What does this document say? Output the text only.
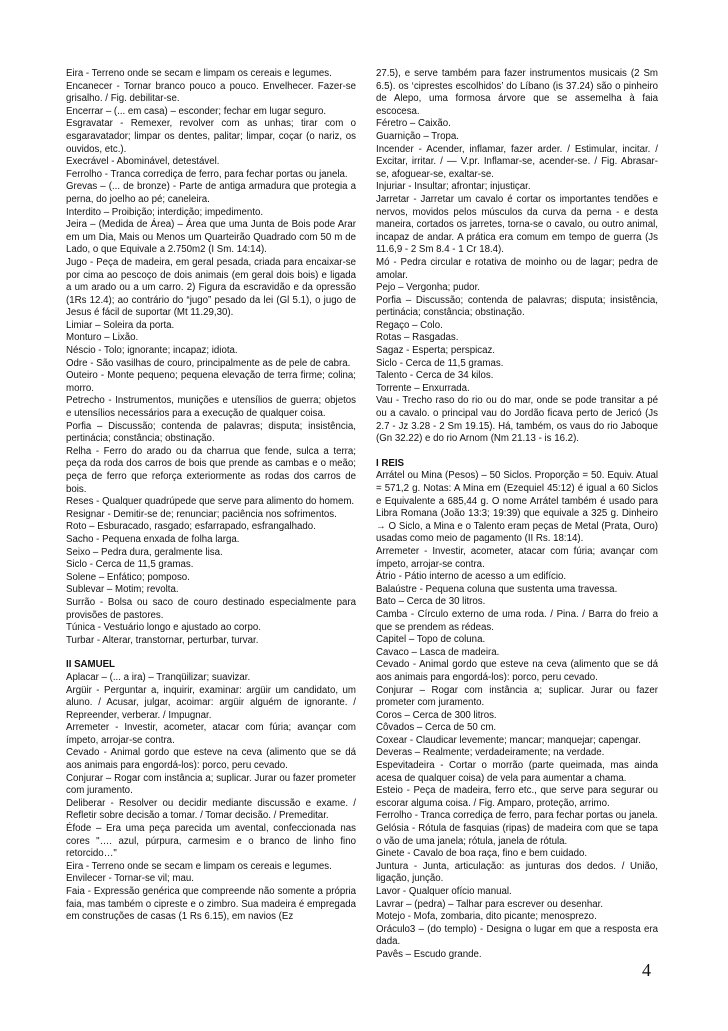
Eira - Terreno onde se secam e limpam os cereais e legumes.

Encanecer - Tornar branco pouco a pouco. Envelhecer. Fazer-se grisalho. / Fig. debilitar-se.

Encerrar – (... em casa) – esconder; fechar em lugar seguro.

Esgravatar - Remexer, revolver com as unhas; tirar com o esgaravatador; limpar os dentes, palitar; limpar, coçar (o nariz, os ouvidos, etc.).

Execrável - Abominável, detestável.

Ferrolho - Tranca corrediça de ferro, para fechar portas ou janela.

Grevas – (... de bronze) - Parte de antiga armadura que protegia a perna, do joelho ao pé; caneleira.

Interdito – Proibição; interdição; impedimento.

Jeira – (Medida de Área) – Área que uma Junta de Bois pode Arar em um Dia, Mais ou Menos um Quarteirão Quadrado com 50 m de Lado, o que Equivale a 2.750m2 (I Sm. 14:14).

Jugo - Peça de madeira, em geral pesada, criada para encaixar-se por cima ao pescoço de dois animais (em geral dois bois) e ligada a um arado ou a um carro. 2) Figura da escravidão e da opressão (1Rs 12.4); ao contrário do “jugo” pesado da lei (Gl 5.1), o jugo de Jesus é fácil de suportar (Mt 11.29,30).

Limiar – Soleira da porta.

Monturo – Lixão.

Néscio - Tolo; ignorante; incapaz; idiota.

Odre - São vasilhas de couro, principalmente as de pele de cabra.

Outeiro - Monte pequeno; pequena elevação de terra firme; colina; morro.

Petrecho - Instrumentos, munições e utensílios de guerra; objetos e utensílios necessários para a execução de qualquer coisa.

Porfia – Discussão; contenda de palavras; disputa; insistência, pertinácia; constância; obstinação.

Relha - Ferro do arado ou da charrua que fende, sulca a terra; peça da roda dos carros de bois que prende as cambas e o meão; peça de ferro que reforça exteriormente as rodas dos carros de bois.

Reses - Qualquer quadrúpede que serve para alimento do homem.

Resignar - Demitir-se de; renunciar; paciência nos sofrimentos.

Roto – Esburacado, rasgado; esfarrapado, esfrangalhado.

Sacho - Pequena enxada de folha larga.

Seixo – Pedra dura, geralmente lisa.

Siclo - Cerca de 11,5 gramas.

Solene – Enfático; pomposo.

Sublevar – Motim; revolta.

Surrão - Bolsa ou saco de couro destinado especialmente para provisões de pastores.

Túnica - Vestuário longo e ajustado ao corpo.

Turbar - Alterar, transtornar, perturbar, turvar.

II SAMUEL

Aplacar – (... a ira) – Tranqüilizar; suavizar.

Argüir - Perguntar a, inquirir, examinar: argüir um candidato, um aluno. / Acusar, julgar, acoimar: argüir alguém de ignorante. / Repreender, verberar. / Impugnar.

Arremeter - Investir, acometer, atacar com fúria; avançar com ímpeto, arrojar-se contra.

Cevado - Animal gordo que esteve na ceva (alimento que se dá aos animais para engordá-los): porco, peru cevado.

Conjurar – Rogar com instância a; suplicar. Jurar ou fazer prometer com juramento.

Deliberar - Resolver ou decidir mediante discussão e exame. / Refletir sobre decisão a tomar. / Tomar decisão. / Premeditar.

Éfode – Era uma peça parecida um avental, confeccionada nas cores "…. azul, púrpura, carmesim e o branco de linho fino retorcido…"

Eira - Terreno onde se secam e limpam os cereais e legumes.

Envilecer - Tornar-se vil; mau.

Faia - Expressão genérica que compreende não somente a própria faia, mas também o cipreste e o zimbro. Sua madeira é empregada em construções de casas (1 Rs 6.15), em navios (Ez

27.5), e serve também para fazer instrumentos musicais (2 Sm 6.5). os ‘ciprestes escolhidos’ do Líbano (is 37.24) são o pinheiro de Alepo, uma formosa árvore que se assemelha à faia escocesa.

Féretro – Caixão.

Guarnição – Tropa.

Incender - Acender, inflamar, fazer arder. / Estimular, incitar. / Excitar, irritar. / — V.pr. Inflamar-se, acender-se. / Fig. Abrasar-se, afoguear-se, exaltar-se.

Injuriar - Insultar; afrontar; injustiçar.

Jarretar - Jarretar um cavalo é cortar os importantes tendões e nervos, movidos pelos músculos da curva da perna - e desta maneira, cortados os jarretes, torna-se o cavalo, ou outro animal, incapaz de andar. A prática era comum em tempo de guerra (Js 11.6,9 - 2 Sm 8.4 - 1 Cr 18.4).

Mó - Pedra circular e rotativa de moinho ou de lagar; pedra de amolar.

Pejo – Vergonha; pudor.

Porfia – Discussão; contenda de palavras; disputa; insistência, pertinácia; constância; obstinação.

Regaço – Colo.

Rotas – Rasgadas.

Sagaz - Esperta; perspicaz.

Siclo - Cerca de 11,5 gramas.

Talento - Cerca de 34 kilos.

Torrente – Enxurrada.

Vau - Trecho raso do rio ou do mar, onde se pode transitar a pé ou a cavalo. o principal vau do Jordão ficava perto de Jericó (Js 2.7 - Jz 3.28 - 2 Sm 19.15). Há, também, os vaus do rio Jaboque (Gn 32.22) e do rio Arnom (Nm 21.13 - is 16.2).

I REIS

Arrátel ou Mina (Pesos) – 50 Siclos. Proporção = 50. Equiv. Atual = 571,2 g. Notas: A Mina em (Ezequiel 45:12) é igual a 60 Siclos e Equivalente a 685,44 g. O nome Arrátel também é usado para Libra Romana (João 13:3; 19:39) que equivale a 325 g. Dinheiro → O Siclo, a Mina e o Talento eram peças de Metal (Prata, Ouro) usadas como meio de pagamento (II Rs. 18:14).

Arremeter - Investir, acometer, atacar com fúria; avançar com ímpeto, arrojar-se contra.

Átrio - Pátio interno de acesso a um edifício.

Balaústre - Pequena coluna que sustenta uma travessa.

Bato – Cerca de 30 litros.

Camba - Círculo externo de uma roda. / Pina. / Barra do freio a que se prendem as rédeas.

Capitel – Topo de coluna.

Cavaco – Lasca de madeira.

Cevado - Animal gordo que esteve na ceva (alimento que se dá aos animais para engordá-los): porco, peru cevado.

Conjurar – Rogar com instância a; suplicar. Jurar ou fazer prometer com juramento.

Coros – Cerca de 300 litros.

Côvados – Cerca de 50 cm.

Coxear - Claudicar levemente; mancar; manquejar; capengar.

Deveras – Realmente; verdadeiramente; na verdade.

Espevitadeira - Cortar o morrão (parte queimada, mas ainda acesa de qualquer coisa) de vela para aumentar a chama.

Esteio - Peça de madeira, ferro etc., que serve para segurar ou escorar alguma coisa. / Fig. Amparo, proteção, arrimo.

Ferrolho - Tranca corrediça de ferro, para fechar portas ou janela.

Gelósia - Rótula de fasquias (ripas) de madeira com que se tapa o vão de uma janela; rótula, janela de rótula.

Ginete - Cavalo de boa raça, fino e bem cuidado.

Juntura - Junta, articulação: as junturas dos dedos. / União, ligação, junção.

Lavor - Qualquer ofício manual.

Lavrar – (pedra) – Talhar para escrever ou desenhar.

Motejo - Mofa, zombaria, dito picante; menosprezo.

Oráculo3 – (do templo) - Designa o lugar em que a resposta era dada.

Pavês – Escudo grande.

4
